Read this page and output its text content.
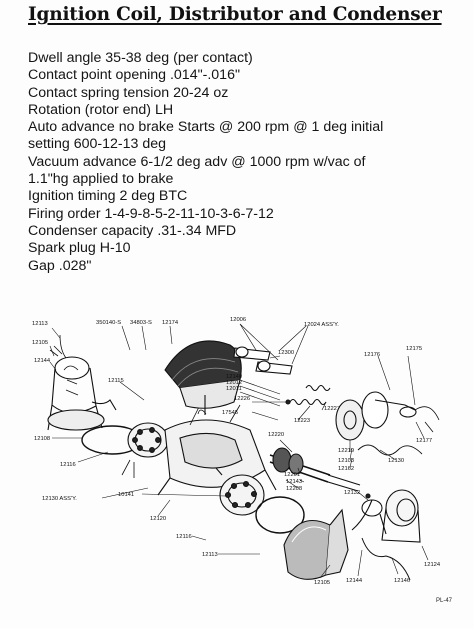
Ignition Coil, Distributor and Condenser
Dwell angle 35-38 deg (per contact)
Contact point opening .014"-.016"
Contact spring tension 20-24 oz
Rotation (rotor end) LH
Auto advance no brake Starts @ 200 rpm @ 1 deg initial
setting 600-12-13 deg
Vacuum advance 6-1/2 deg adv @ 1000 rpm w/vac of
1.1"hg applied to brake
Ignition timing 2 deg BTC
Firing order 1-4-9-8-5-2-11-10-3-6-7-12
Condenser capacity .31-.34 MFD
Spark plug H-10
Gap .028"
12113	350140-S 34803-S 12174	12006
12024 ASS'Y.
12105
12144
12115
12300	12176
12175
12140
12012
12011
12226
17545
12223
12227
12108
12220
12116
12219
12103
12177
12130
12162
12201
12143
12208
12130 ASS'Y.
10141	12132
12120
12116
12113
12105	12144	12146
12124
PL-47
